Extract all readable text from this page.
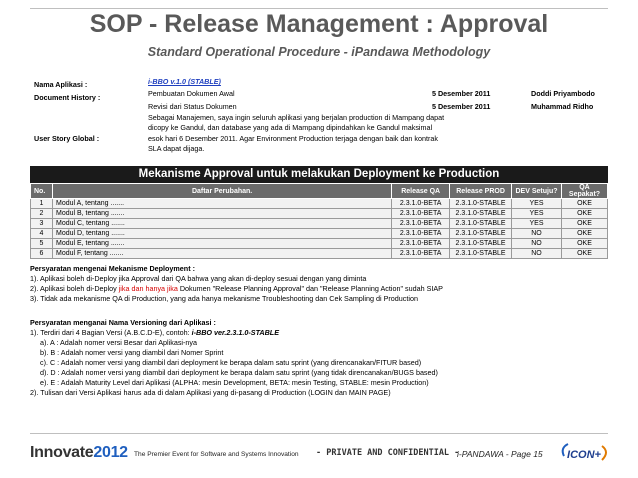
SOP - Release Management : Approval
Standard Operational Procedure - iPandawa Methodology
Nama Aplikasi :	i-BBO v.1.0 (STABLE)
Document History :	Pembuatan Dokumen Awal	5 Desember 2011	Doddi Priyambodo
Revisi dari Status Dokumen	5 Desember 2011	Muhammad Ridho
User Story Global :
Sebagai Manajemen, saya ingin seluruh aplikasi yang berjalan production di Mampang dapat dicopy ke Gandul, dan database yang ada di Mampang dipindahkan ke Gandul maksimal esok hari 6 Desember 2011. Agar Environment Production terjaga dengan baik dan kontrak SLA dapat dijaga.
Mekanisme Approval untuk melakukan Deployment ke Production
No.	Daftar Perubahan.	Release QA	Release PROD	DEV Setuju?	QA Sepakat?
1	Modul A, tentang .......	2.3.1.0-BETA	2.3.1.0-STABLE	YES	OKE
2	Modul B, tentang .......	2.3.1.0-BETA	2.3.1.0-STABLE	YES	OKE
3	Modul C, tentang .......	2.3.1.0-BETA	2.3.1.0-STABLE	YES	OKE
4	Modul D, tentang .......	2.3.1.0-BETA	2.3.1.0-STABLE	NO	OKE
5	Modul E, tentang .......	2.3.1.0-BETA	2.3.1.0-STABLE	NO	OKE
6	Modul F, tentang .......	2.3.1.0-BETA	2.3.1.0-STABLE	NO	OKE
Persyaratan mengenai Mekanisme Deployment :
1). Aplikasi boleh di-Deploy jika Approval dari QA bahwa yang akan di-deploy sesuai dengan yang diminta
2). Aplikasi boleh di-Deploy jika dan hanya jika Dokumen "Release Planning Approval" dan "Release Planning Action" sudah SIAP
3). Tidak ada mekanisme QA di Production, yang ada hanya mekanisme Troubleshooting dan Cek Sampling di Production
Persyaratan menganai Nama Versioning dari Aplikasi :
1). Terdiri dari 4 Bagian Versi (A.B.C.D-E), contoh: i-BBO ver.2.3.1.0-STABLE
a). A : Adalah nomer versi Besar dari Aplikasi-nya
b). B : Adalah nomer versi yang diambil dari Nomer Sprint
c). C : Adalah nomer versi yang diambil dari deployment ke berapa dalam satu sprint (yang direncanakan/FITUR based)
d). D : Adalah nomer versi yang diambil dari deployment ke berapa dalam satu sprint (yang tidak direncanakan/BUGS based)
e). E : Adalah Maturity Level dari Aplikasi (ALPHA: mesin Development, BETA: mesin Testing, STABLE: mesin Production)
2). Tulisan dari Versi Aplikasi harus ada di dalam Aplikasi yang di-pasang di Production (LOGIN dan MAIN PAGE)
Innovate2012 The Premier Event for Software and Systems Innovation - PRIVATE AND CONFIDENTIAL -
i-PANDAWA - Page 15 ICON+
